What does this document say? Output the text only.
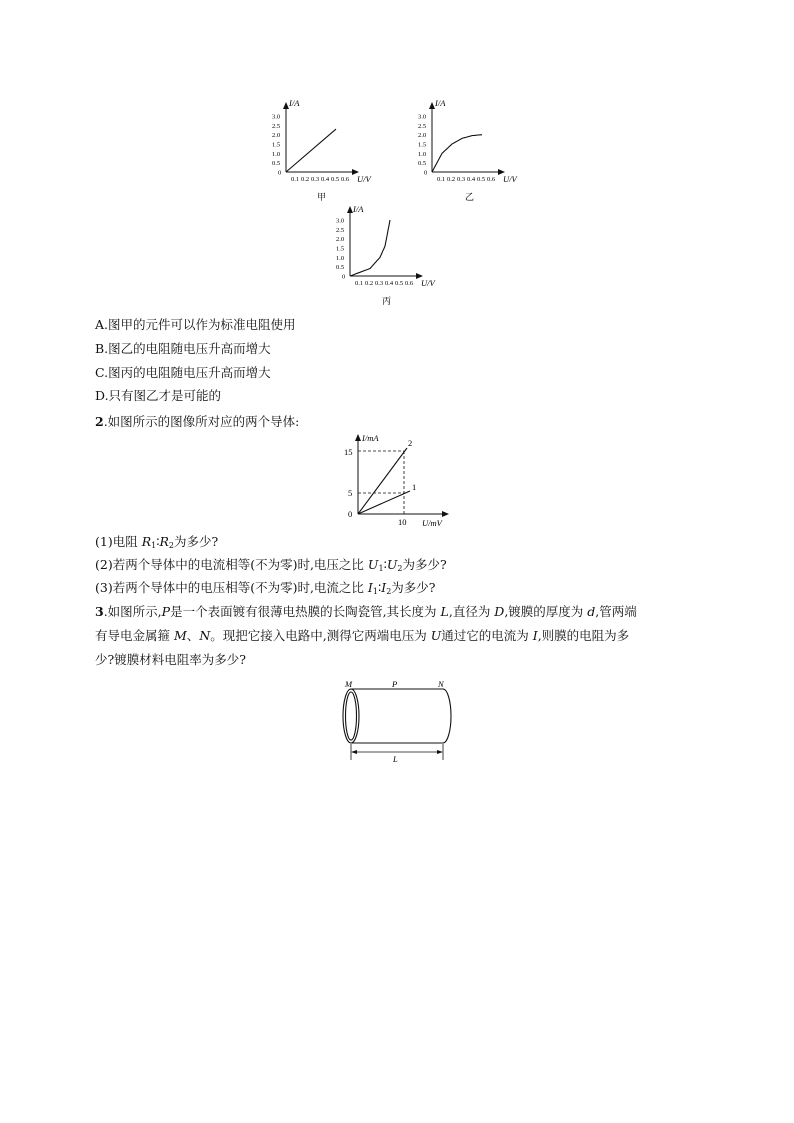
3.0
2.5
2.0
1.5
1.0
0.5
0
0.1 0.2 0.3 0.4 0.5 0.6
I/A
U/V
甲
3.0
2.5
2.0
1.5
1.0
0.5
0
0.1 0.2 0.3 0.4 0.5 0.6
I/A
U/V
乙
3.0
2.5
2.0
1.5
1.0
0.5
0
0.1 0.2 0.3 0.4 0.5 0.6
I/A
U/V
丙
A.图甲的元件可以作为标准电阻使用
B.图乙的电阻随电压升高而增大
C.图丙的电阻随电压升高而增大
D.只有图乙才是可能的
2.如图所示的图像所对应的两个导体:
I/mA
U/mV
15
5
0
10
2
1
(1)电阻 $R_1∶R_2$为多少?
(2)若两个导体中的电流相等(不为零)时,电压之比 $U_1∶U_2$为多少?
(3)若两个导体中的电压相等(不为零)时,电流之比 $I_1∶I_2$为多少?
3.如图所示,P是一个表面镀有很薄电热膜的长陶瓷管,其长度为 L,直径为 D,镀膜的厚度为 d,管两端
有导电金属箍 M、N。现把它接入电路中,测得它两端电压为 U通过它的电流为 I,则膜的电阻为多
少?镀膜材料电阻率为多少?
M	P	N
L
